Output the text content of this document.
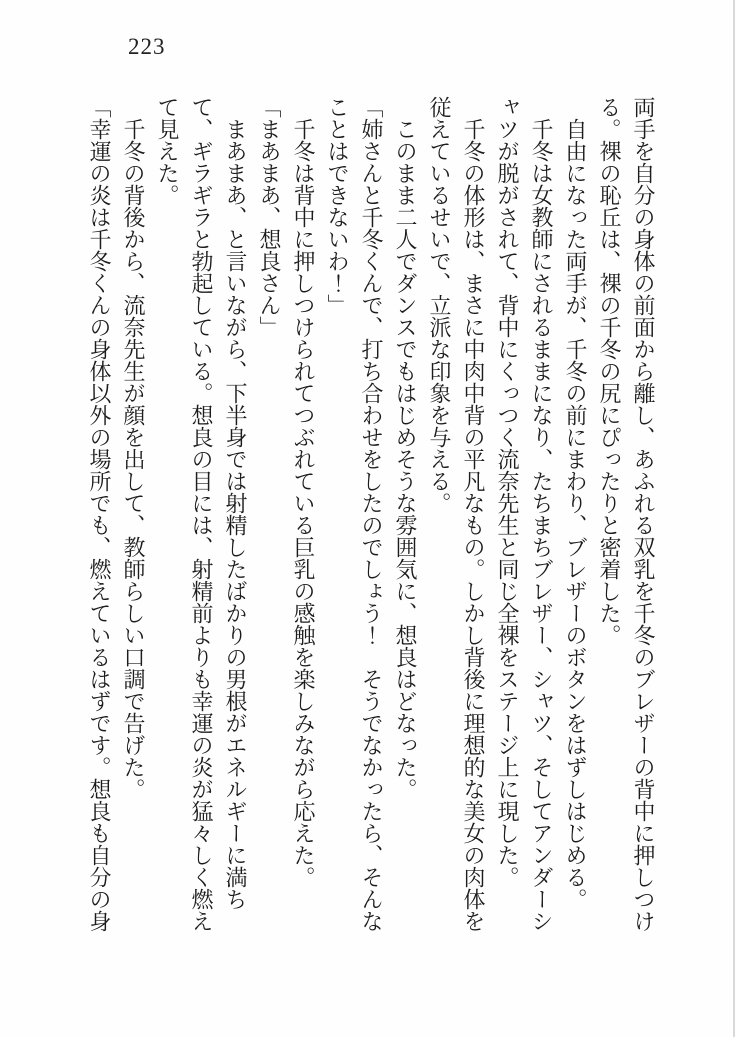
223

両手を自分の身体の前面から離し、あふれる双乳を千冬のブレザーの背中に押しつける。裸の恥丘は、裸の千冬の尻にぴったりと密着した。

自由になった両手が、千冬の前にまわり、ブレザーのボタンをはずしはじめる。

千冬は女教師にされるままになり、たちまちブレザー、シャツ、そしてアンダーシャツが脱がされて、背中にくっつく流奈先生と同じ全裸をステージ上に現した。

千冬の体形は、まさに中肉中背の平凡なもの。しかし背後に理想的な美女の肉体を従えているせいで、立派な印象を与える。

このまま二人でダンスでもはじめそうな雰囲気に、想良はどなった。

「姉さんと千冬くんで、打ち合わせをしたのでしょう！　そうでなかったら、そんなことはできないわ！」

千冬は背中に押しつけられてつぶれている巨乳の感触を楽しみながら応えた。

「まあまあ、想良さん」

まあまあ、と言いながら、下半身では射精したばかりの男根がエネルギーに満ちて、ギラギラと勃起している。想良の目には、射精前よりも幸運の炎が猛々しく燃えて見えた。

千冬の背後から、流奈先生が顔を出して、教師らしい口調で告げた。

「幸運の炎は千冬くんの身体以外の場所でも、燃えているはずです。想良も自分の身
